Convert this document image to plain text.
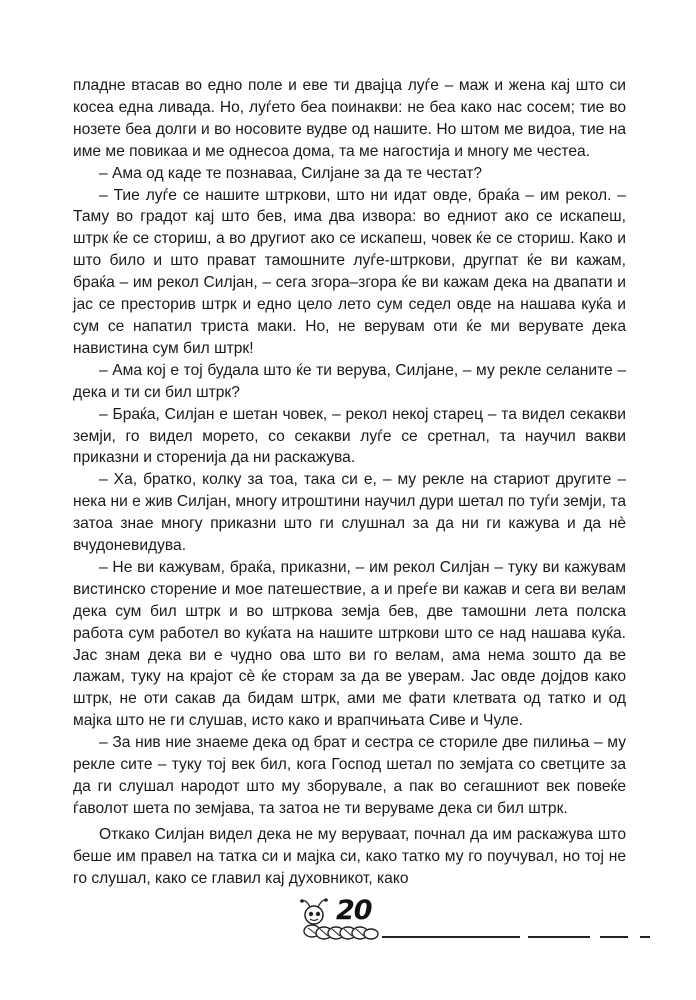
пладне втасав во едно поле и еве ти двајца луѓе – маж и жена кај што си косеа една ливада. Но, луѓето беа поинакви: не беа како нас сосем; тие во нозете беа долги и во носовите вудве од нашите. Но штом ме видоа, тие на име ме повикаа и ме однесоа дома, та ме нагостија и многу ме честеа.

– Ама од каде те познаваа, Силјане за да те честат?

– Тие луѓе се нашите штркови, што ни идат овде, браќа – им рекол. – Таму во градот кај што бев, има два извора: во едниот ако се искапеш, штрк ќе се сториш, а во другиот ако се искапеш, човек ќе се сториш. Како и што било и што прават тамошните луѓе-штркови, другпат ќе ви кажам, браќа – им рекол Силјан, – сега згора–згора ќе ви кажам дека на двапати и јас се престорив штрк и едно цело лето сум седел овде на нашава куќа и сум се напатил триста маки. Но, не верувам оти ќе ми верувате дека навистина сум бил штрк!

– Ама кој е тој будала што ќе ти верува, Силјане, – му рекле селаните – дека и ти си бил штрк?

– Браќа, Силјан е шетан човек, – рекол некој старец – та видел секакви земји, го видел морето, со секакви луѓе се сретнал, та научил вакви приказни и сторенија да ни раскажува.

– Ха, братко, колку за тоа, така си е, – му рекле на стариот другите – нека ни е жив Силјан, многу итроштини научил дури шетал по туѓи земји, та затоа знае многу приказни што ги слушнал за да ни ги кажува и да нè вчудоневидува.

– Не ви кажувам, браќа, приказни, – им рекол Силјан – туку ви кажувам вистинско сторение и мое патешествие, а и преѓе ви кажав и сега ви велам дека сум бил штрк и во штркова земја бев, две тамошни лета полска работа сум работел во куќата на нашите штркови што се над нашава куќа. Јас знам дека ви е чудно ова што ви го велам, ама нема зошто да ве лажам, туку на крајот сè ќе сторам за да ве уверам. Јас овде дојдов како штрк, не оти сакав да бидам штрк, ами ме фати клетвата од татко и од мајка што не ги слушав, исто како и врапчињата Сиве и Чуле.

– За нив ние знаеме дека од брат и сестра се сториле две пилиња – му рекле сите – туку тој век бил, кога Господ шетал по земјата со светците за да ги слушал народот што му зборувале, а пак во сегашниот век повеќе ѓаволот шета по земјава, та затоа не ти веруваме дека си бил штрк.

Откако Силјан видел дека не му веруваат, почнал да им раскажува што беше им правел на татка си и мајка си, како татко му го поучувал, но тој не го слушал, како се главил кај духовникот, како

20
